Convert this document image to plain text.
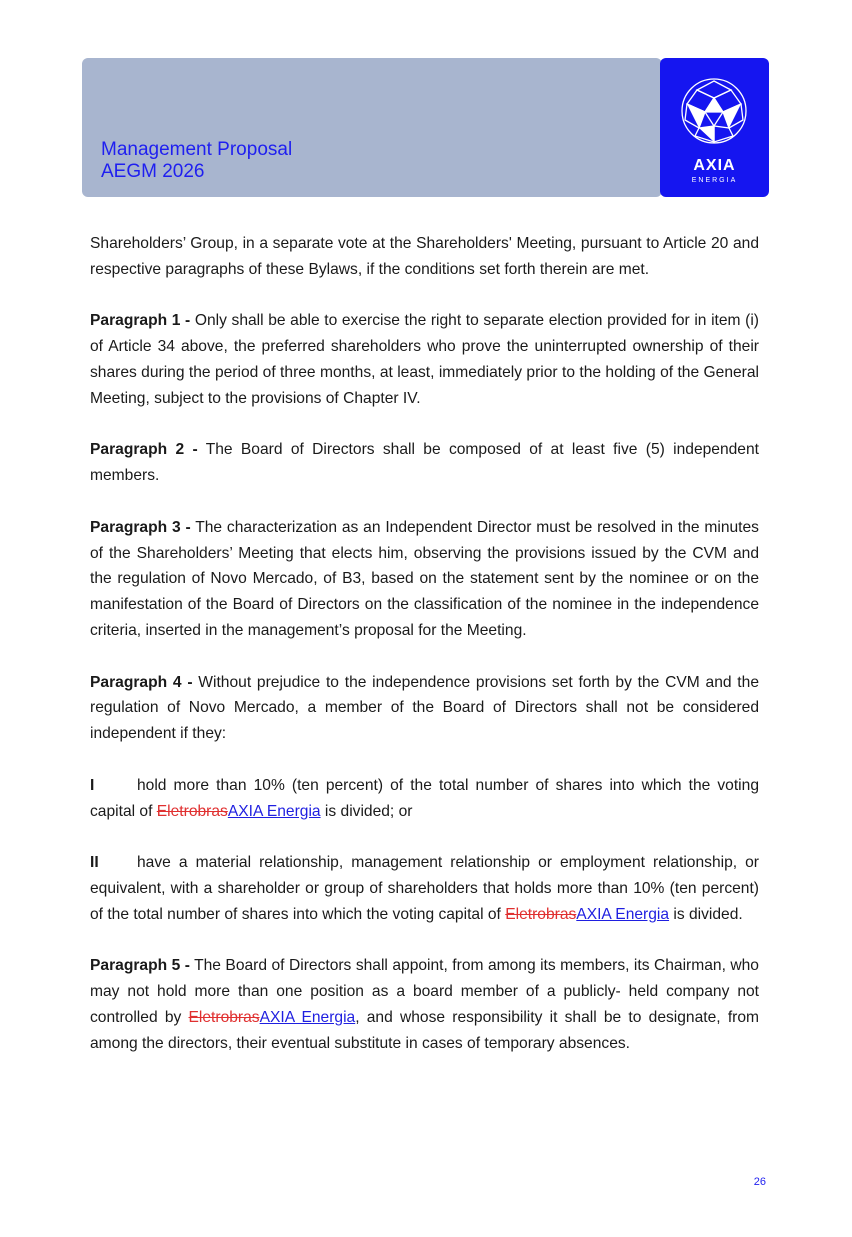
Management Proposal
AEGM 2026	AXIA
ENERGIA

Shareholders’ Group, in a separate vote at the Shareholders' Meeting, pursuant to Article 20 and respective paragraphs of these Bylaws, if the conditions set forth therein are met.

Paragraph 1 - Only shall be able to exercise the right to separate election provided for in item (i) of Article 34 above, the preferred shareholders who prove the uninterrupted ownership of their shares during the period of three months, at least, immediately prior to the holding of the General Meeting, subject to the provisions of Chapter IV.

Paragraph 2 - The Board of Directors shall be composed of at least five (5) independent members.

Paragraph 3 - The characterization as an Independent Director must be resolved in the minutes of the Shareholders’ Meeting that elects him, observing the provisions issued by the CVM and the regulation of Novo Mercado, of B3, based on the statement sent by the nominee or on the manifestation of the Board of Directors on the classification of the nominee in the independence criteria, inserted in the management’s proposal for the Meeting.

Paragraph 4 - Without prejudice to the independence provisions set forth by the CVM and the regulation of Novo Mercado, a member of the Board of Directors shall not be considered independent if they:

I	hold more than 10% (ten percent) of the total number of shares into which the voting capital of EletrobrasAXIA Energia is divided; or

II have a material relationship, management relationship or employment relationship, or equivalent, with a shareholder or group of shareholders that holds more than 10% (ten percent) of the total number of shares into which the voting capital of EletrobrasAXIA Energia is divided.

Paragraph 5 - The Board of Directors shall appoint, from among its members, its Chairman, who may not hold more than one position as a board member of a publicly- held company not controlled by EletrobrasAXIA Energia, and whose responsibility it shall be to designate, from among the directors, their eventual substitute in cases of temporary absences.

26
